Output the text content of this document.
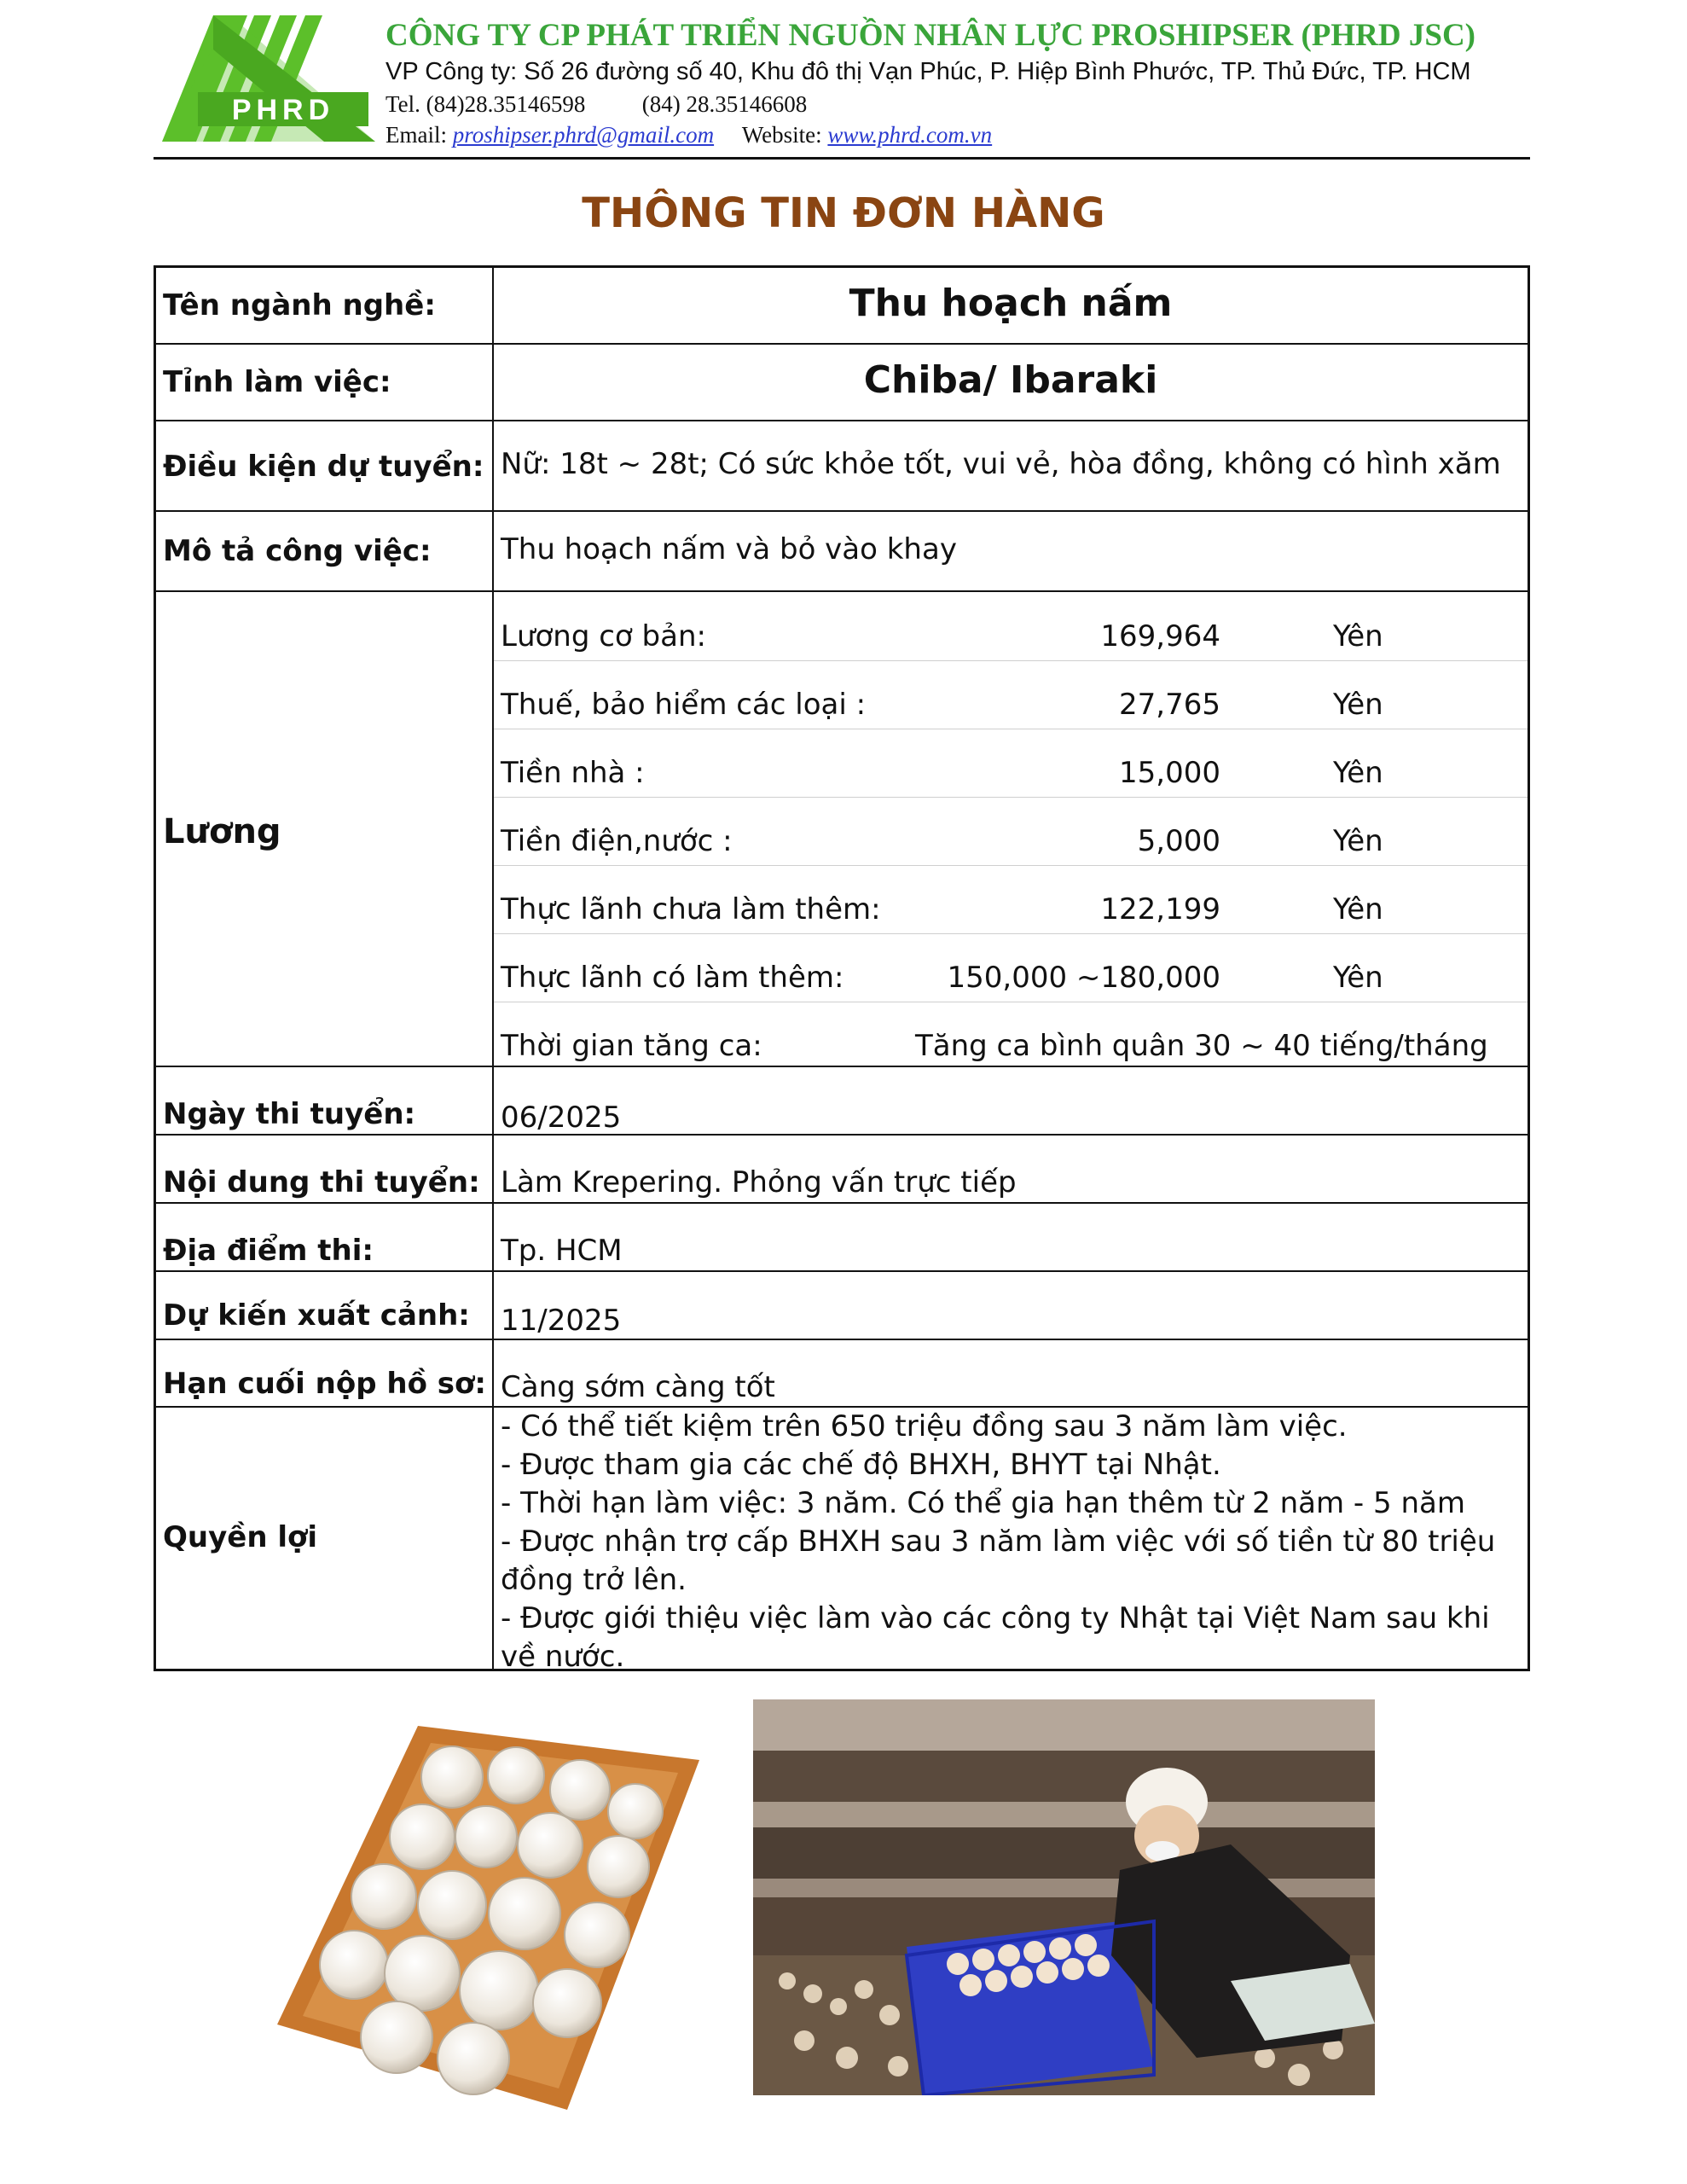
PHRD
CÔNG TY CP PHÁT TRIỂN NGUỒN NHÂN LỰC PROSHIPSER (PHRD JSC)
VP Công ty: Số 26 đường số 40, Khu đô thị Vạn Phúc, P. Hiệp Bình Phước, TP. Thủ Đức, TP. HCM
Tel. (84)28.35146598 (84) 28.35146608
Email: proshipser.phrd@gmail.com Website: www.phrd.com.vn
THÔNG TIN ĐƠN HÀNG
Tên ngành nghề:	Thu hoạch nấm
Tỉnh làm việc:	Chiba/ Ibaraki
Điều kiện dự tuyển: Nữ: 18t ~ 28t; Có sức khỏe tốt, vui vẻ, hòa đồng, không có hình xăm
Mô tả công việc: Thu hoạch nấm và bỏ vào khay
Lương
Lương cơ bản:	169,964	Yên
Thuế, bảo hiểm các loại :	27,765	Yên
Tiền nhà :	15,000	Yên
Tiền điện,nước :	5,000	Yên
Thực lãnh chưa làm thêm:	122,199	Yên
Thực lãnh có làm thêm:	150,000 ~180,000	Yên
Thời gian tăng ca:	Tăng ca bình quân 30 ~ 40 tiếng/tháng
Ngày thi tuyển:	06/2025
Nội dung thi tuyển: Làm Krepering. Phỏng vấn trực tiếp
Địa điểm thi:	Tp. HCM
Dự kiến xuất cảnh: 11/2025
Hạn cuối nộp hồ sơ: Càng sớm càng tốt
Quyền lợi
- Có thể tiết kiệm trên 650 triệu đồng sau 3 năm làm việc.
- Được tham gia các chế độ BHXH, BHYT tại Nhật.
- Thời hạn làm việc: 3 năm. Có thể gia hạn thêm từ 2 năm - 5 năm
- Được nhận trợ cấp BHXH sau 3 năm làm việc với số tiền từ 80 triệu đồng trở lên.
- Được giới thiệu việc làm vào các công ty Nhật tại Việt Nam sau khi về nước.
